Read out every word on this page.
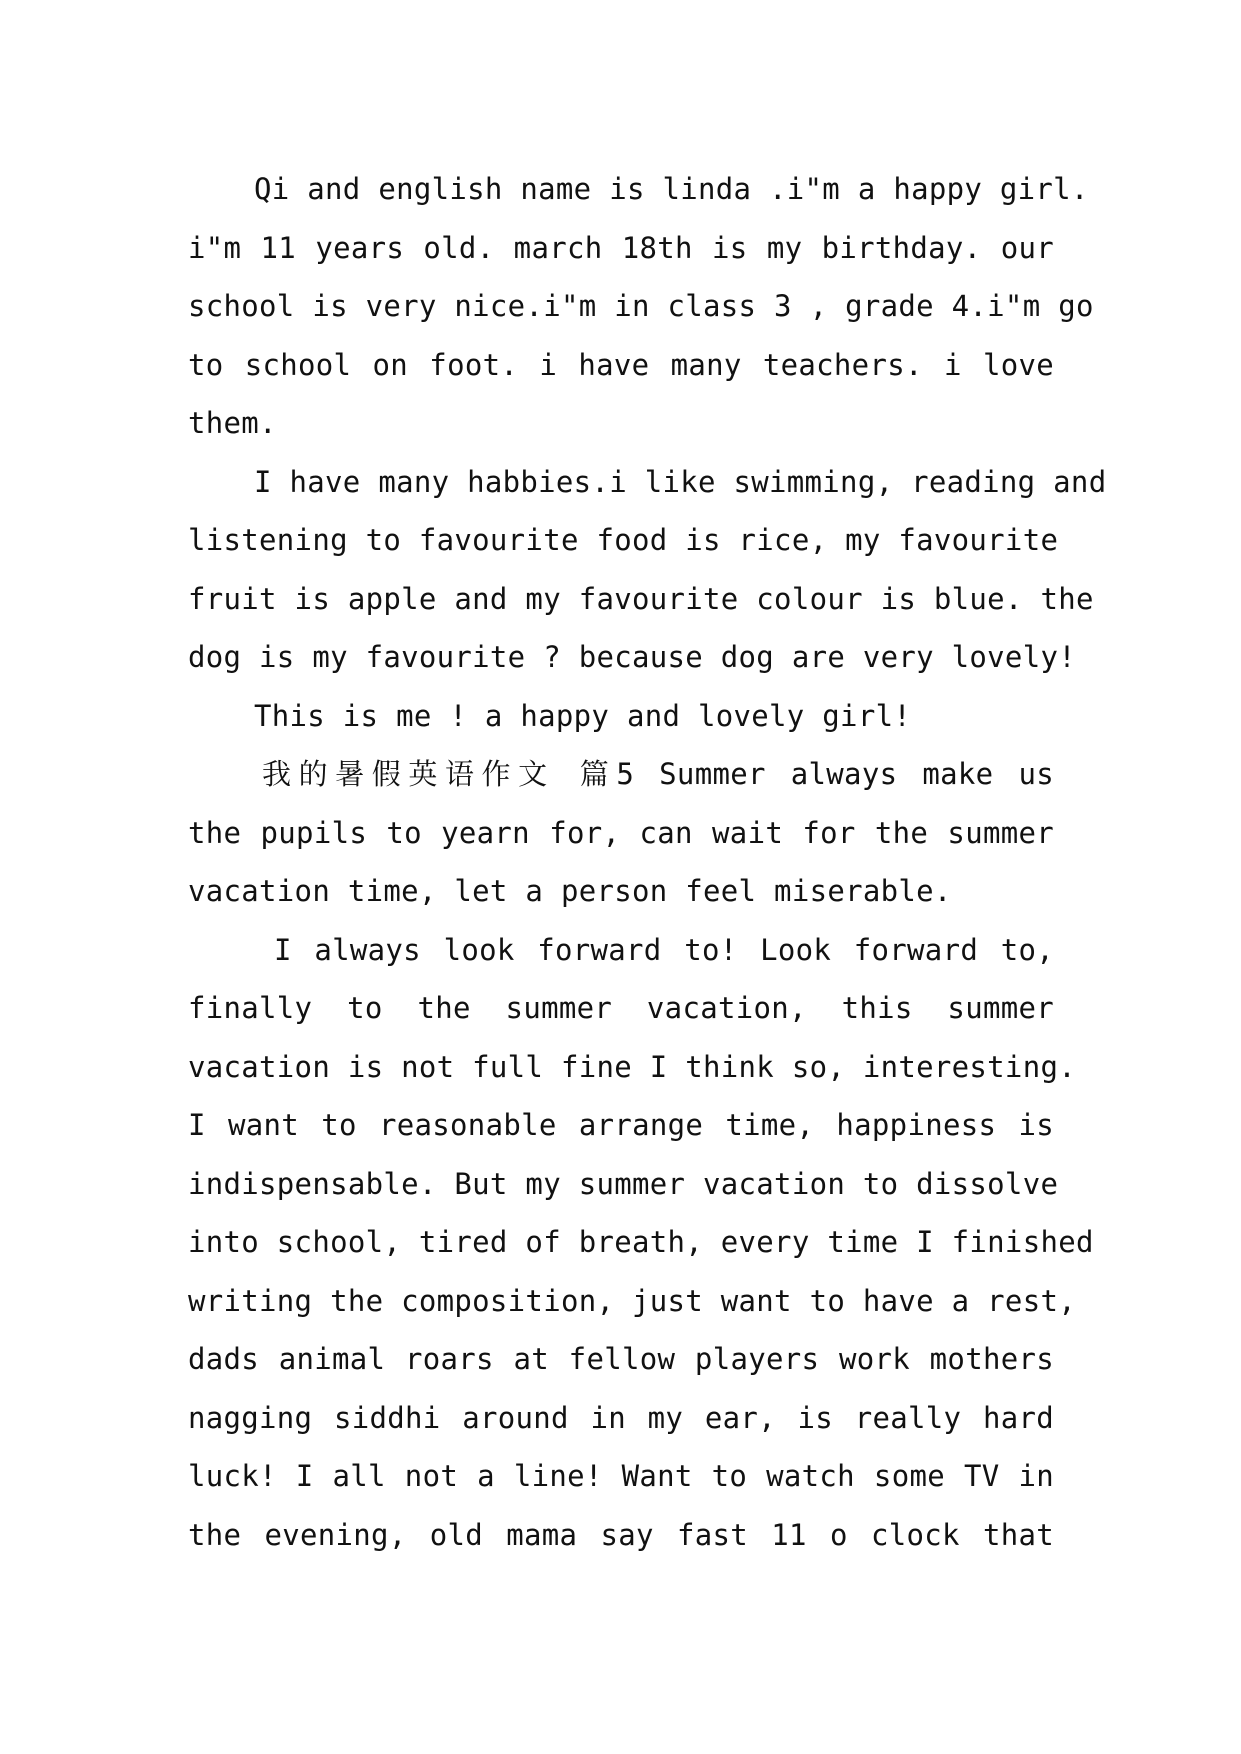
Qi and english name is linda .i"m a happy girl.
i"m 11 years old. march 18th is my birthday. our
school is very nice.i"m in class 3 , grade 4.i"m go
to school on foot. i have many teachers. i love
them.
I have many habbies.i like swimming, reading and
listening to favourite food is rice, my favourite
fruit is apple and my favourite colour is blue. the
dog is my favourite ? because dog are very lovely!
This is me ! a happy and lovely girl!
我的暑假英语作文 篇5 Summer always make us
the pupils to yearn for, can wait for the summer
vacation time, let a person feel miserable.
I always look forward to! Look forward to,
finally to the summer vacation, this summer
vacation is not full fine I think so, interesting.
I want to reasonable arrange time, happiness is
indispensable. But my summer vacation to dissolve
into school, tired of breath, every time I finished
writing the composition, just want to have a rest,
dads animal roars at fellow players work mothers
nagging siddhi around in my ear, is really hard
luck! I all not a line! Want to watch some TV in
the evening, old mama say fast 11 o clock that
